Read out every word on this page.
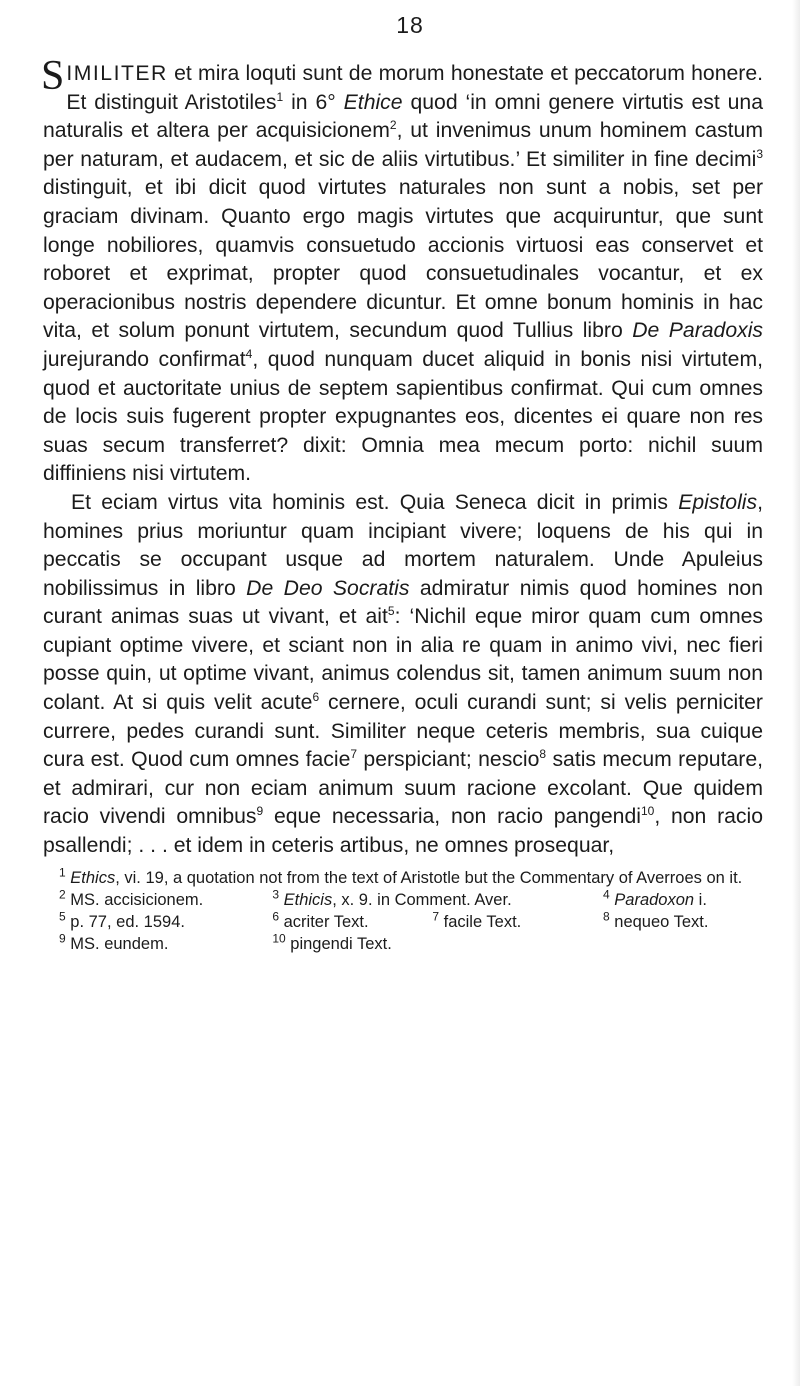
18

SIMILITER et mira loquti sunt de morum honestate et peccatorum honere. Et distinguit Aristotiles$^1$ in 6° Ethice quod ‘in omni genere virtutis est una naturalis et altera per acquisicionem$^2$, ut invenimus unum hominem castum per naturam, et audacem, et sic de aliis virtutibus.’ Et similiter in fine decimi$^3$ distinguit, et ibi dicit quod virtutes naturales non sunt a nobis, set per graciam divinam. Quanto ergo magis virtutes que acquiruntur, que sunt longe nobiliores, quamvis consuetudo accionis virtuosi eas conservet et roboret et exprimat, propter quod consuetudinales vocantur, et ex operacionibus nostris dependere dicuntur. Et omne bonum hominis in hac vita, et solum ponunt virtutem, secundum quod Tullius libro De Paradoxis jurejurando confirmat$^4$, quod nunquam ducet aliquid in bonis nisi virtutem, quod et auctoritate unius de septem sapientibus confirmat. Qui cum omnes de locis suis fugerent propter expugnantes eos, dicentes ei quare non res suas secum transferret? dixit: Omnia mea mecum porto: nichil suum diffiniens nisi virtutem.

Et eciam virtus vita hominis est. Quia Seneca dicit in primis Epistolis, homines prius moriuntur quam incipiant vivere; loquens de his qui in peccatis se occupant usque ad mortem naturalem. Unde Apuleius nobilissimus in libro De Deo Socratis admiratur nimis quod homines non curant animas suas ut vivant, et ait$^5$: ‘Nichil eque miror quam cum omnes cupiant optime vivere, et sciant non in alia re quam in animo vivi, nec fieri posse quin, ut optime vivant, animus colendus sit, tamen animum suum non colant. At si quis velit acute$^6$ cernere, oculi curandi sunt; si velis perniciter currere, pedes curandi sunt. Similiter neque ceteris membris, sua cuique cura est. Quod cum omnes facie$^7$ perspiciant; nescio$^8$ satis mecum reputare, et admirari, cur non eciam animum suum racione excolant. Que quidem racio vivendi omnibus$^9$ eque necessaria, non racio pangendi$^{10}$, non racio psallendi; . . . et idem in ceteris artibus, ne omnes prosequar,

$^1$ Ethics, vi. 19, a quotation not from the text of Aristotle but the Commentary of Averroes on it.
$^2$ MS. accisicionem.	$^3$ Ethicis, x. 9. in Comment. Aver.	$^4$ Paradoxon i.
$^5$ p. 77, ed. 1594.	$^6$ acriter Text.	$^7$ facile Text.	$^8$ nequeo Text.
$^9$ MS. eundem.	$^{10}$ pingendi Text.
